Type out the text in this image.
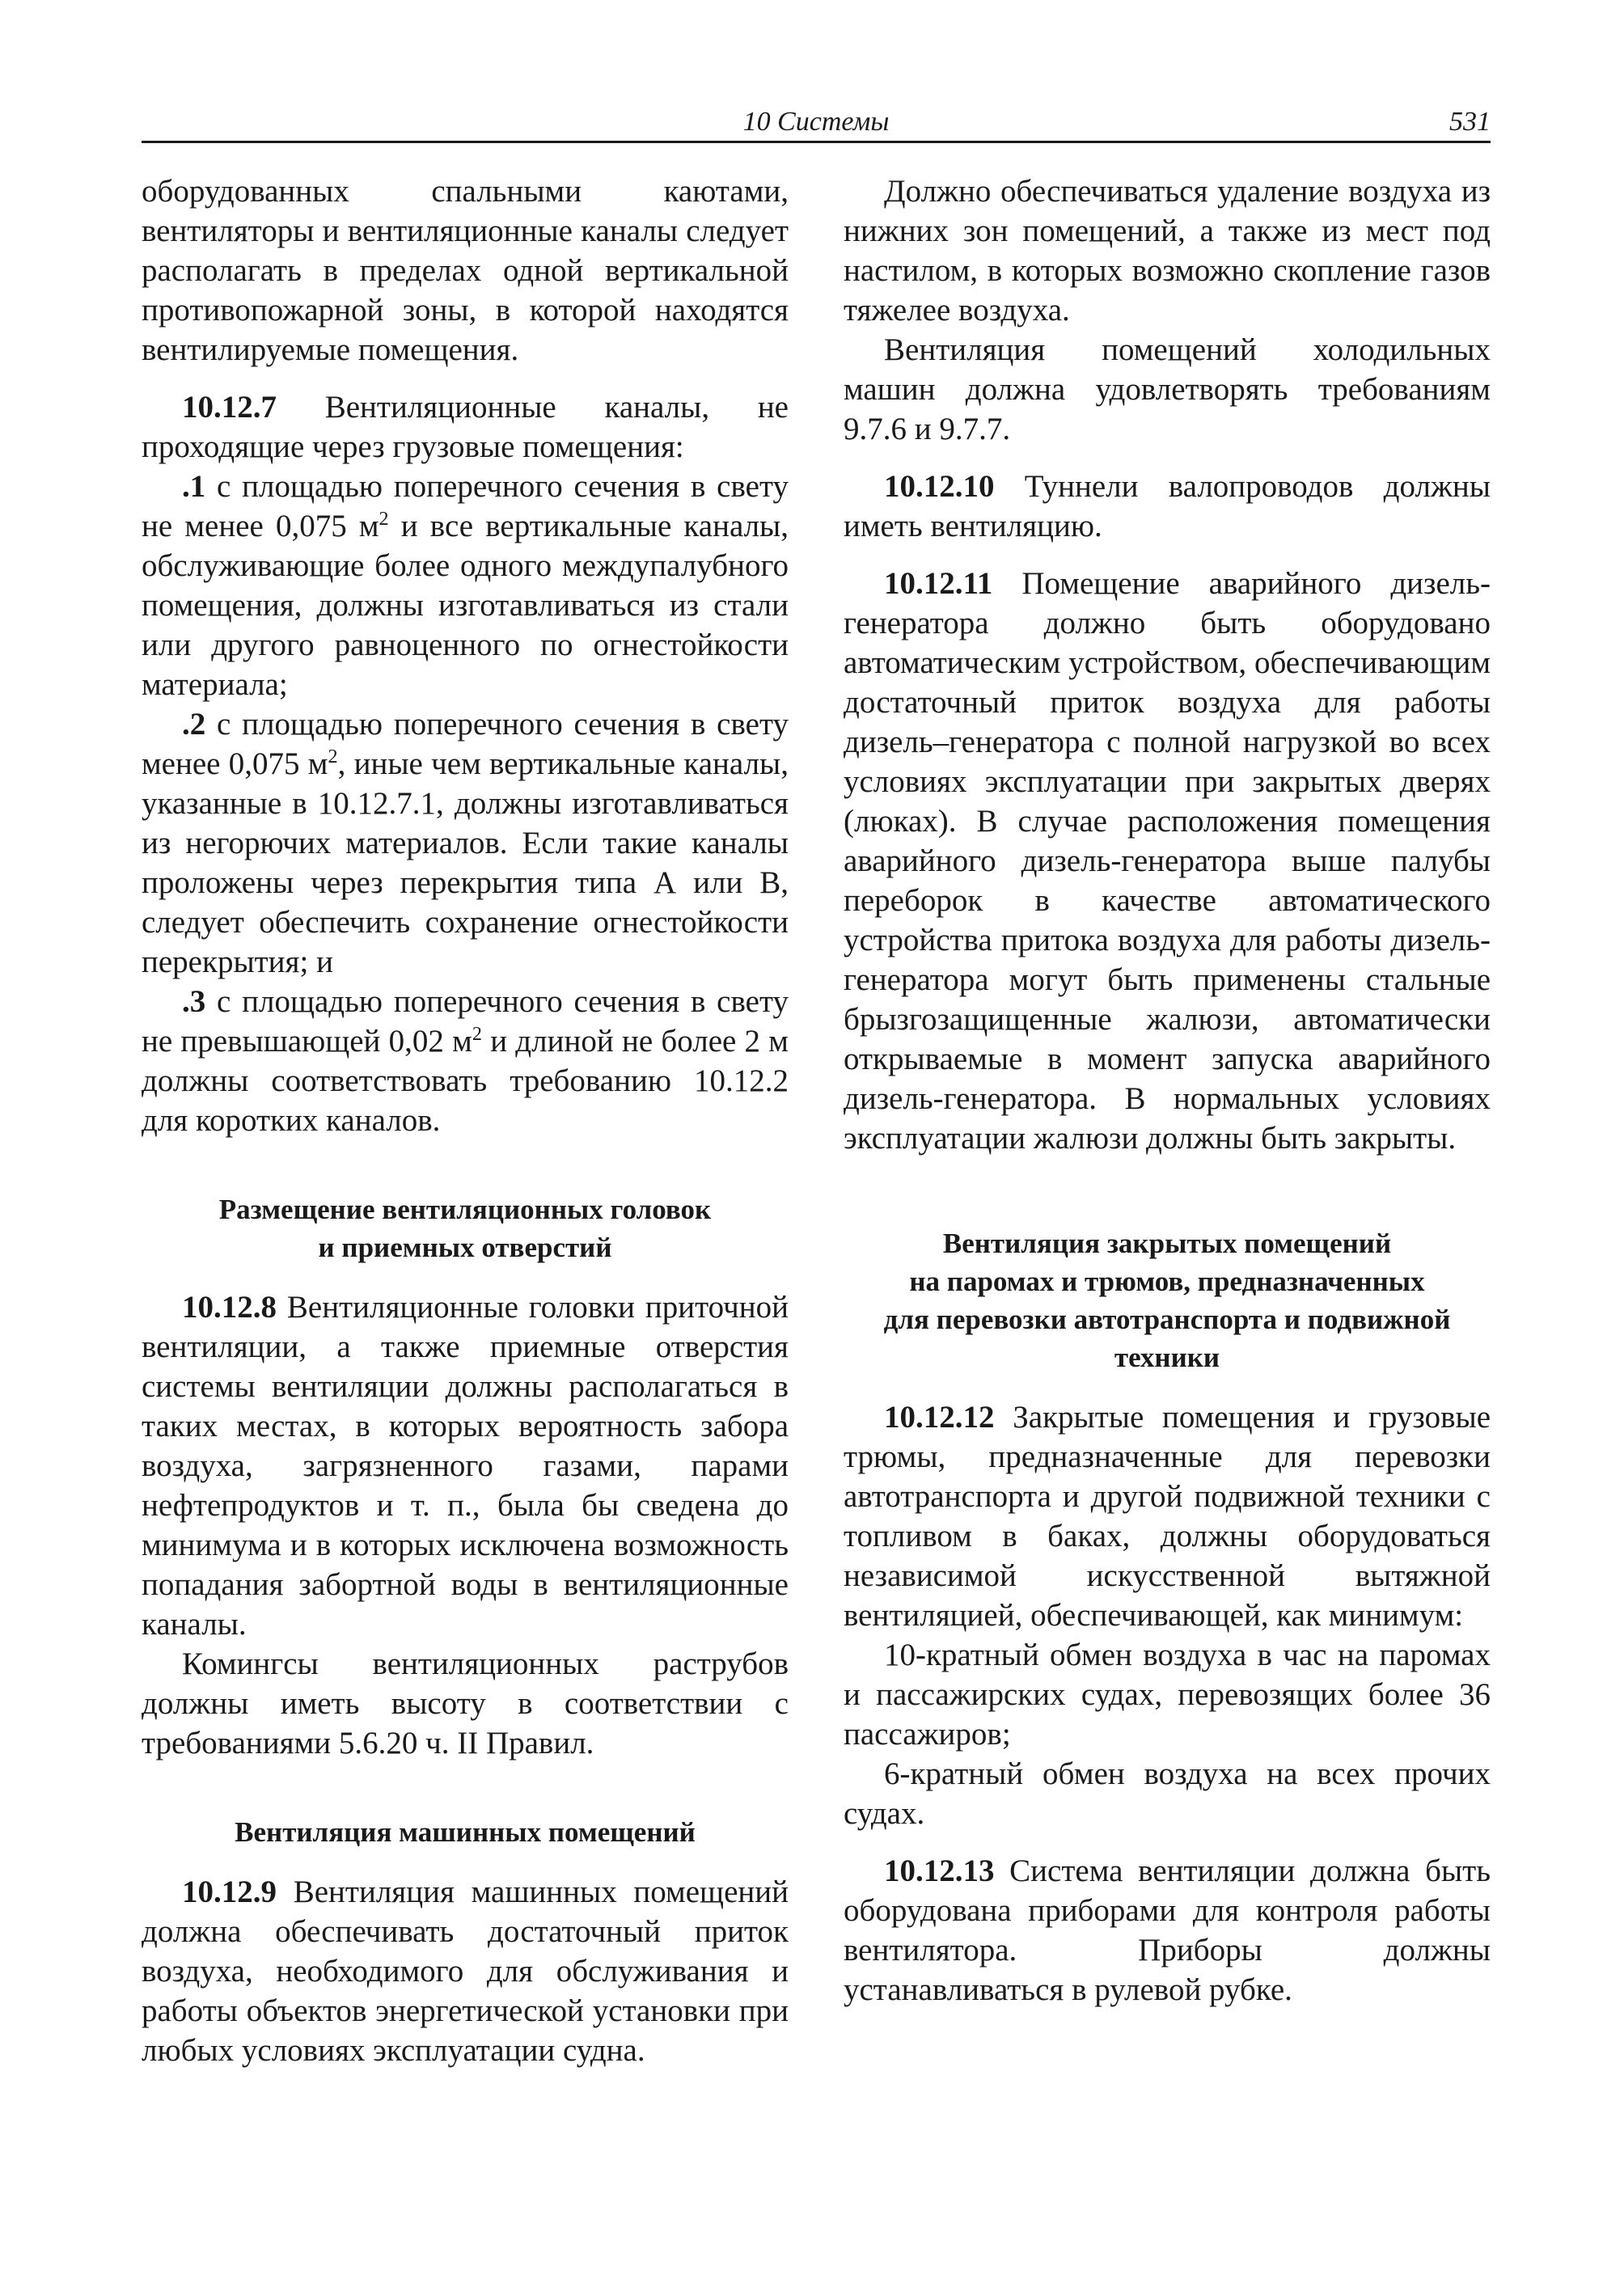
10 Системы	531

оборудованных спальными каютами, вентиляторы и вентиляционные каналы следует располагать в пределах одной вертикальной противопожарной зоны, в которой находятся вентилируемые помещения.

10.12.7 Вентиляционные каналы, не проходящие через грузовые помещения:

.1 с площадью поперечного сечения в свету не менее 0,075 $м^2$ и все вертикальные каналы, обслуживающие более одного междупалубного помещения, должны изготавливаться из стали или другого равноценного по огнестойкости материала;

.2 с площадью поперечного сечения в свету менее 0,075 $м^2$, иные чем вертикальные каналы, указанные в 10.12.7.1, должны изготавливаться из негорючих материалов. Если такие каналы проложены через перекрытия типа А или В, следует обеспечить сохранение огнестойкости перекрытия; и

.3 с площадью поперечного сечения в свету не превышающей 0,02 $м^2$ и длиной не более 2 м должны соответствовать требованию 10.12.2 для коротких каналов.

Размещение вентиляционных головок
и приемных отверстий

10.12.8 Вентиляционные головки приточной вентиляции, а также приемные отверстия системы вентиляции должны располагаться в таких местах, в которых вероятность забора воздуха, загрязненного газами, парами нефтепродуктов и т. п., была бы сведена до минимума и в которых исключена возможность попадания забортной воды в вентиляционные каналы.

Комингсы вентиляционных раструбов должны иметь высоту в соответствии с требованиями 5.6.20 ч. II Правил.

Вентиляция машинных помещений

10.12.9 Вентиляция машинных помещений должна обеспечивать достаточный приток воздуха, необходимого для обслуживания и работы объектов энергетической установки при любых условиях эксплуатации судна.

Должно обеспечиваться удаление воздуха из нижних зон помещений, а также из мест под настилом, в которых возможно скопление газов тяжелее воздуха.

Вентиляция помещений холодильных машин должна удовлетворять требованиям 9.7.6 и 9.7.7.

10.12.10 Туннели валопроводов должны иметь вентиляцию.

10.12.11 Помещение аварийного дизель-генератора должно быть оборудовано автоматическим устройством, обеспечивающим достаточный приток воздуха для работы дизель–генератора с полной нагрузкой во всех условиях эксплуатации при закрытых дверях (люках). В случае расположения помещения аварийного дизель-генератора выше палубы переборок в качестве автоматического устройства притока воздуха для работы дизель-генератора могут быть применены стальные брызгозащищенные жалюзи, автоматически открываемые в момент запуска аварийного дизель-генератора. В нормальных условиях эксплуатации жалюзи должны быть закрыты.

Вентиляция закрытых помещений
на паромах и трюмов, предназначенных
для перевозки автотранспорта и подвижной
техники

10.12.12 Закрытые помещения и грузовые трюмы, предназначенные для перевозки автотранспорта и другой подвижной техники с топливом в баках, должны оборудоваться независимой искусственной вытяжной вентиляцией, обеспечивающей, как минимум:

10-кратный обмен воздуха в час на паромах и пассажирских судах, перевозящих более 36 пассажиров;

6-кратный обмен воздуха на всех прочих судах.

10.12.13 Система вентиляции должна быть оборудована приборами для контроля работы вентилятора. Приборы должны устанавливаться в рулевой рубке.
